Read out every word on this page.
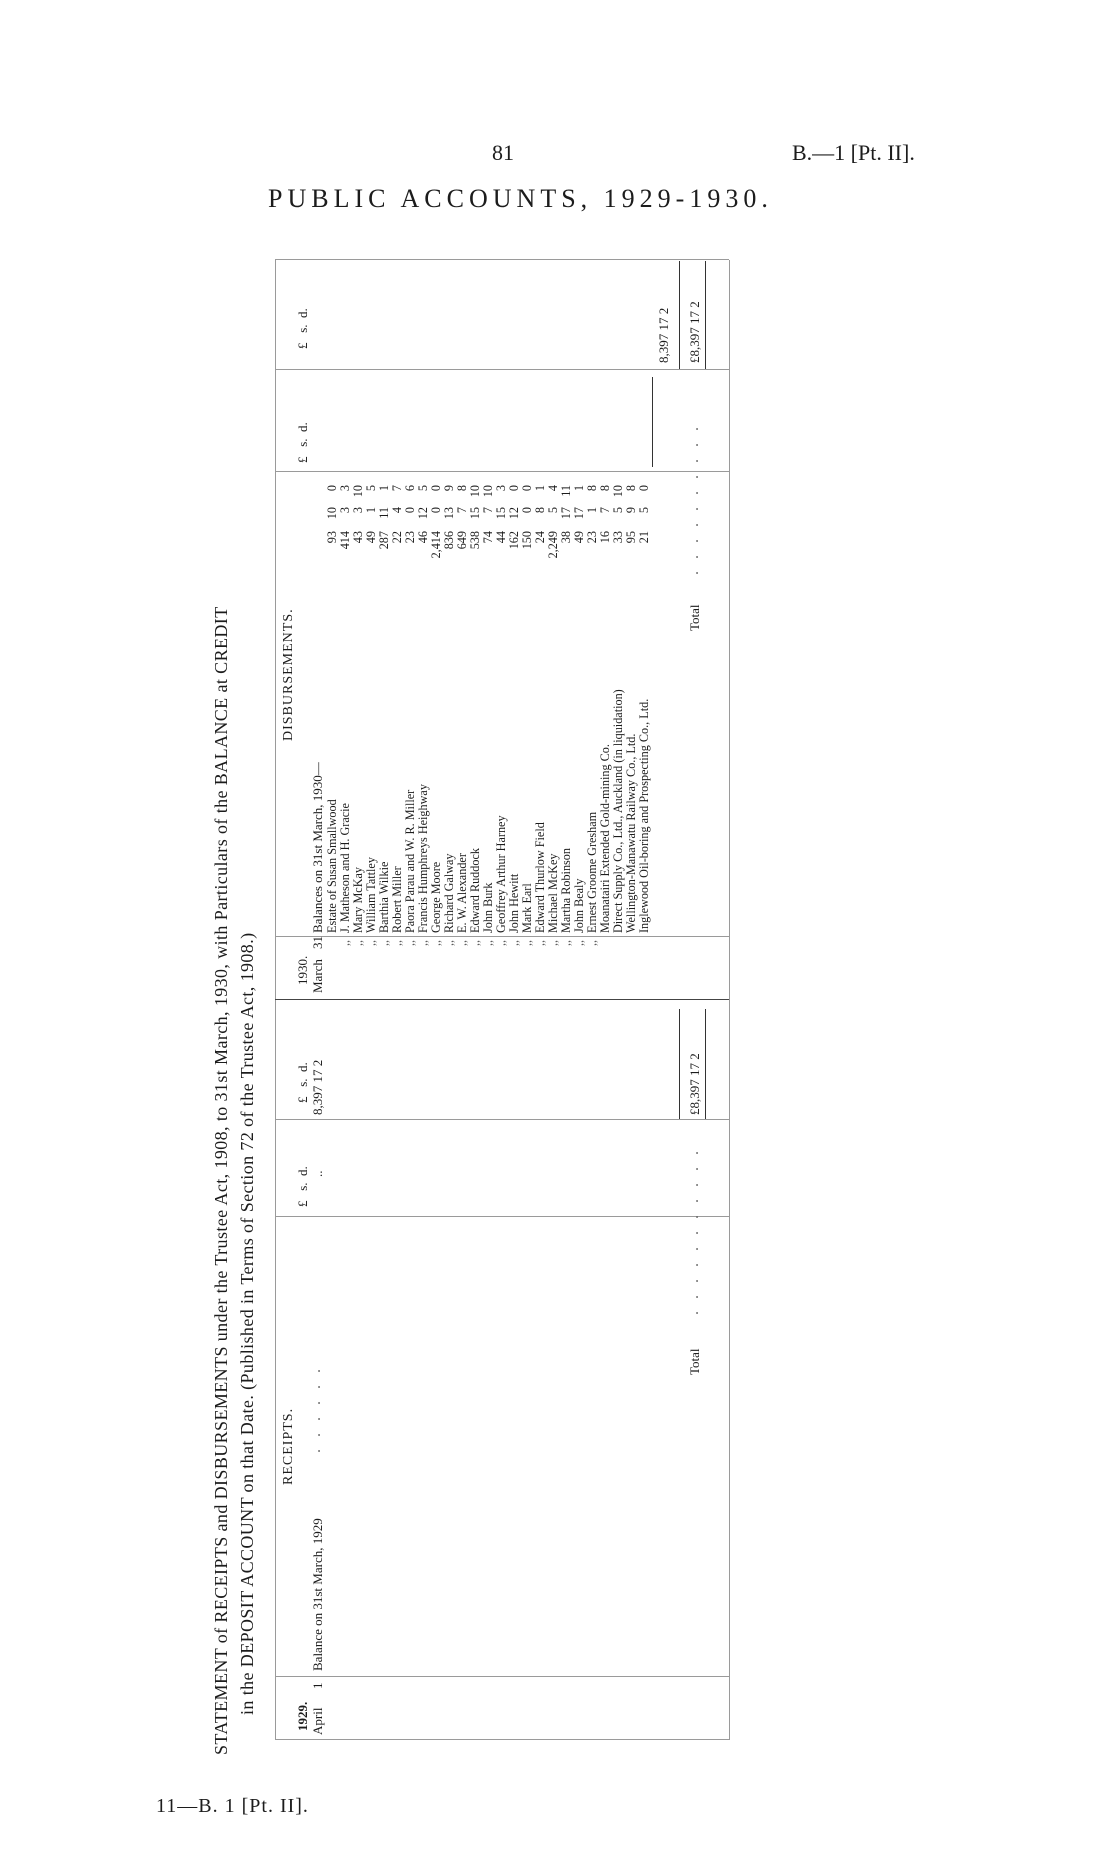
81	B.—1 [Pt. II].
PUBLIC ACCOUNTS, 1929-1930.
STATEMENT of RECEIPTS and DISBURSEMENTS under the Trustee Act, 1908, to 31st March, 1930, with Particulars of the BALANCE at CREDIT in the DEPOSIT ACCOUNT on that Date. (Published in Terms of Section 72 of the Trustee Act, 1908.) RECEIPTS.
1929. April
1
Balance on 31st March, 1929
. . . . . .
£   s.  d. ..
£   s.  d.
8,397 17 2
Total
. . . . . . . . . . .
£8,397 17 2
DISBURSEMENTS.
1930. March
31
Balances on 31st March, 1930—
£   s.  d.
£   s.  d.
Estate of Susan Smallwood
93100
,,
J. Matheson and H. Gracie
41433
,,
Mary McKay
43310
,,
William Tattley
4915
,,
Barthia Wilkie
287111
,,
Robert Miller
2247
,,
Paora Parau and W. R. Miller
2306
,,
Francis Humphreys Heighway
46125
,,
George Moore
2,41400
,,
Richard Galway
836139
,,
E. W. Alexander
64978
,,
Edward Ruddock
5381510
,,
John Burk
74710
,,
Geoffrey Arthur Harney
44153
,,
John Hewitt
162120
,,
Mark Earl
15000
,,
Edward Thurlow Field
2481
,,
Michael McKey
2,24954
,,
Martha Robinson
381711
,,
John Bealy
49171
,,
Ernest Groome Gresham
2318
Moanatairi Extended Gold-mining Co.
1678
Direct Supply Co., Ltd., Auckland (in liquidation)
33510
Wellington-Manawatu Railway Co., Ltd.
9598
Inglewood Oil-boring and Prospecting Co., Ltd.
2150
8,397 17 2
Total
. . . . . . . . . .
£8,397 17 2
11—B. 1 [Pt. II].
